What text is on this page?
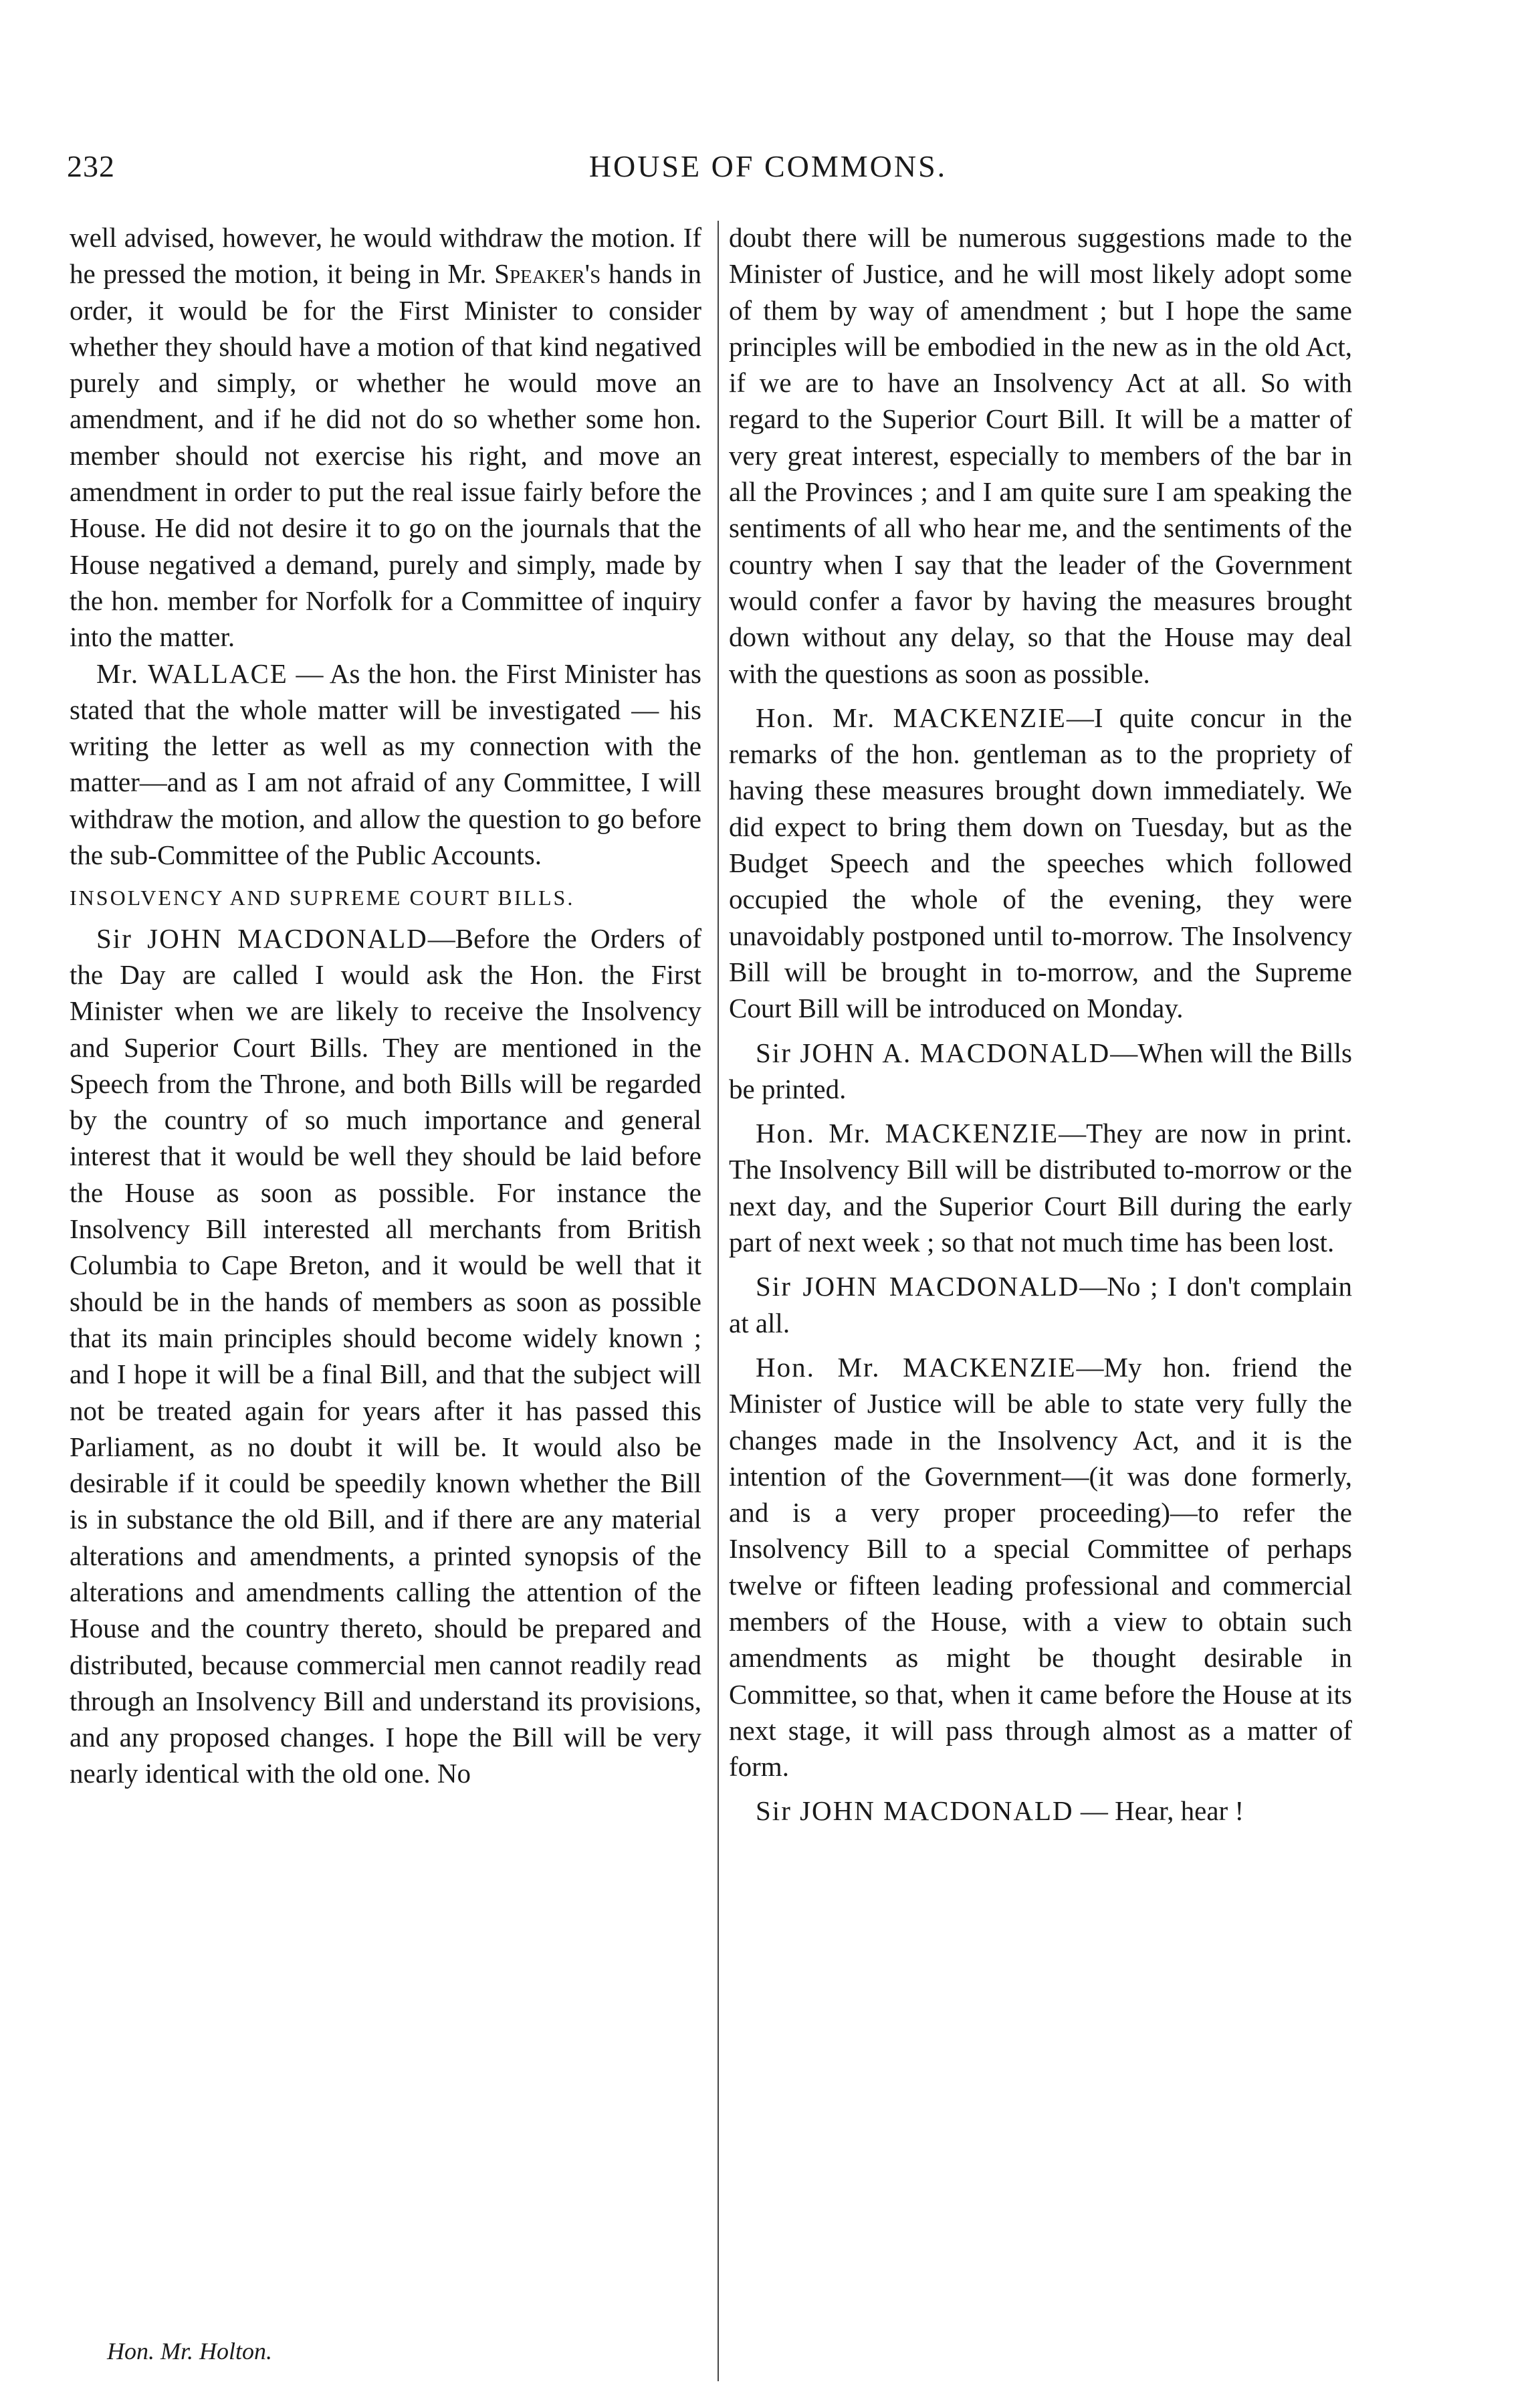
232	HOUSE OF COMMONS.

well advised, however, he would withdraw the motion. If he pressed the motion, it being in Mr. Speaker's hands in order, it would be for the First Minister to consider whether they should have a motion of that kind negatived purely and simply, or whether he would move an amendment, and if he did not do so whether some hon. member should not exercise his right, and move an amendment in order to put the real issue fairly before the House. He did not desire it to go on the journals that the House negatived a demand, purely and simply, made by the hon. member for Norfolk for a Committee of inquiry into the matter.

Mr. WALLACE — As the hon. the First Minister has stated that the whole matter will be investigated — his writing the letter as well as my connection with the matter—and as I am not afraid of any Committee, I will withdraw the motion, and allow the question to go before the sub-Committee of the Public Accounts.

INSOLVENCY AND SUPREME COURT BILLS.

Sir JOHN MACDONALD—Before the Orders of the Day are called I would ask the Hon. the First Minister when we are likely to receive the Insolvency and Superior Court Bills. They are mentioned in the Speech from the Throne, and both Bills will be regarded by the country of so much importance and general interest that it would be well they should be laid before the House as soon as possible. For instance the Insolvency Bill interested all merchants from British Columbia to Cape Breton, and it would be well that it should be in the hands of members as soon as possible that its main principles should become widely known ; and I hope it will be a final Bill, and that the subject will not be treated again for years after it has passed this Parliament, as no doubt it will be. It would also be desirable if it could be speedily known whether the Bill is in substance the old Bill, and if there are any material alterations and amendments, a printed synopsis of the alterations and amendments calling the attention of the House and the country thereto, should be prepared and distributed, because commercial men cannot readily read through an Insolvency Bill and understand its provisions, and any proposed changes. I hope the Bill will be very nearly identical with the old one. No

doubt there will be numerous suggestions made to the Minister of Justice, and he will most likely adopt some of them by way of amendment ; but I hope the same principles will be embodied in the new as in the old Act, if we are to have an Insolvency Act at all. So with regard to the Superior Court Bill. It will be a matter of very great interest, especially to members of the bar in all the Provinces ; and I am quite sure I am speaking the sentiments of all who hear me, and the sentiments of the country when I say that the leader of the Government would confer a favor by having the measures brought down without any delay, so that the House may deal with the questions as soon as possible.

Hon. Mr. MACKENZIE—I quite concur in the remarks of the hon. gentleman as to the propriety of having these measures brought down immediately. We did expect to bring them down on Tuesday, but as the Budget Speech and the speeches which followed occupied the whole of the evening, they were unavoidably postponed until to-morrow. The Insolvency Bill will be brought in to-morrow, and the Supreme Court Bill will be introduced on Monday.

Sir JOHN A. MACDONALD—When will the Bills be printed.

Hon. Mr. MACKENZIE—They are now in print. The Insolvency Bill will be distributed to-morrow or the next day, and the Superior Court Bill during the early part of next week ; so that not much time has been lost.

Sir JOHN MACDONALD—No ; I don't complain at all.

Hon. Mr. MACKENZIE—My hon. friend the Minister of Justice will be able to state very fully the changes made in the Insolvency Act, and it is the intention of the Government—(it was done formerly, and is a very proper proceeding)—to refer the Insolvency Bill to a special Committee of perhaps twelve or fifteen leading professional and commercial members of the House, with a view to obtain such amendments as might be thought desirable in Committee, so that, when it came before the House at its next stage, it will pass through almost as a matter of form.

Sir JOHN MACDONALD — Hear, hear !

Hon. Mr. Holton.
